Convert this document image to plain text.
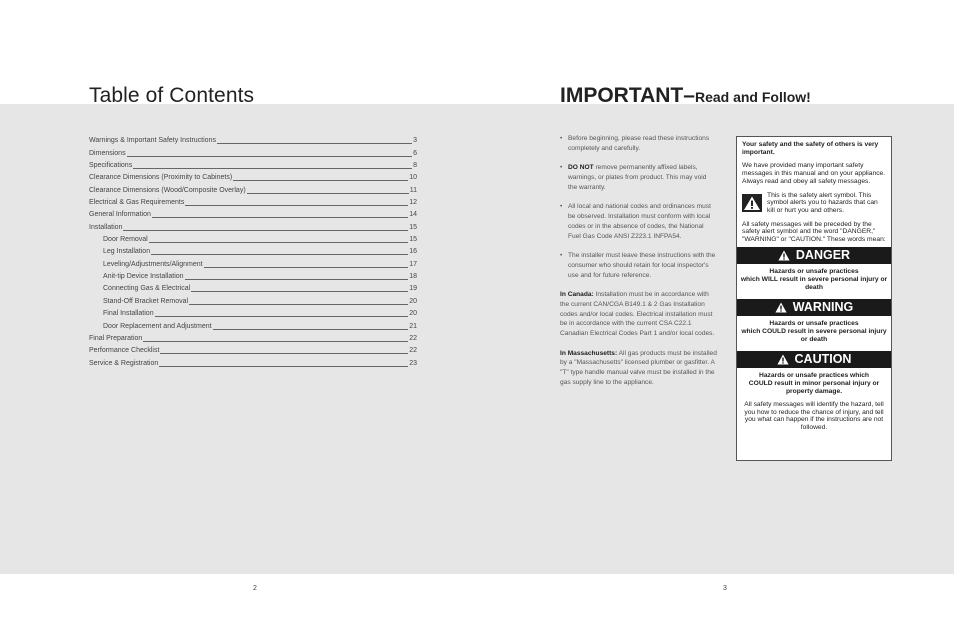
Table of Contents	IMPORTANT–Read and Follow!
Warnings & Important Safety Instructions	3
Dimensions	6
Specifications	8
Clearance Dimensions (Proximity to Cabinets)	10
Clearance Dimensions (Wood/Composite Overlay)	11
Electrical & Gas Requirements	12
General Information	14
Installation	15
Door Removal	15
Leg Installation	16
Leveling/Adjustments/Alignment	17
Anit-tip Device Installation	18
Connecting Gas & Electrical	19
Stand-Off Bracket Removal	20
Final Installation	20
Door Replacement and Adjustment	21
Final Preparation	22
Performance Checklist	22
Service & Registration	23
• Before beginning, please read these instructions completely and carefully.
• DO NOT remove permanently affixed labels, warnings, or plates from product. This may void the warranty.
• All local and national codes and ordinances must be observed. Installation must conform with local codes or in the absence of codes, the National Fuel Gas Code ANSI Z223.1 INFPA54.
• The installer must leave these instructions with the consumer who should retain for local inspector's use and for future reference.

In Canada: Installation must be in accordance with the current CAN/CGA B149.1 & 2 Gas Installation codes and/or local codes. Electrical installation must be in accordance with the current CSA C22.1 Canadian Electrical Codes Part 1 and/or local codes.

In Massachusetts: All gas products must be installed by a "Massachusetts" licensed plumber or gasfitter. A "T" type handle manual valve must be installed in the gas supply line to the appliance.

Your safety and the safety of others is very important.
We have provided many important safety messages in this manual and on your appliance. Always read and obey all safety messages.
This is the safety alert symbol. This symbol alerts you to hazards that can kill or hurt you and others.
All safety messages will be preceded by the safety alert symbol and the word "DANGER," "WARNING" or "CAUTION." These words mean:
DANGER
Hazards or unsafe practices
which WILL result in severe personal injury or death
WARNING
Hazards or unsafe practices
which COULD result in severe personal injury or death
CAUTION
Hazards or unsafe practices which
COULD result in minor personal injury or property damage.
All safety messages will identify the hazard, tell you how to reduce the chance of injury, and tell you what can happen if the instructions are not followed.
2	3
